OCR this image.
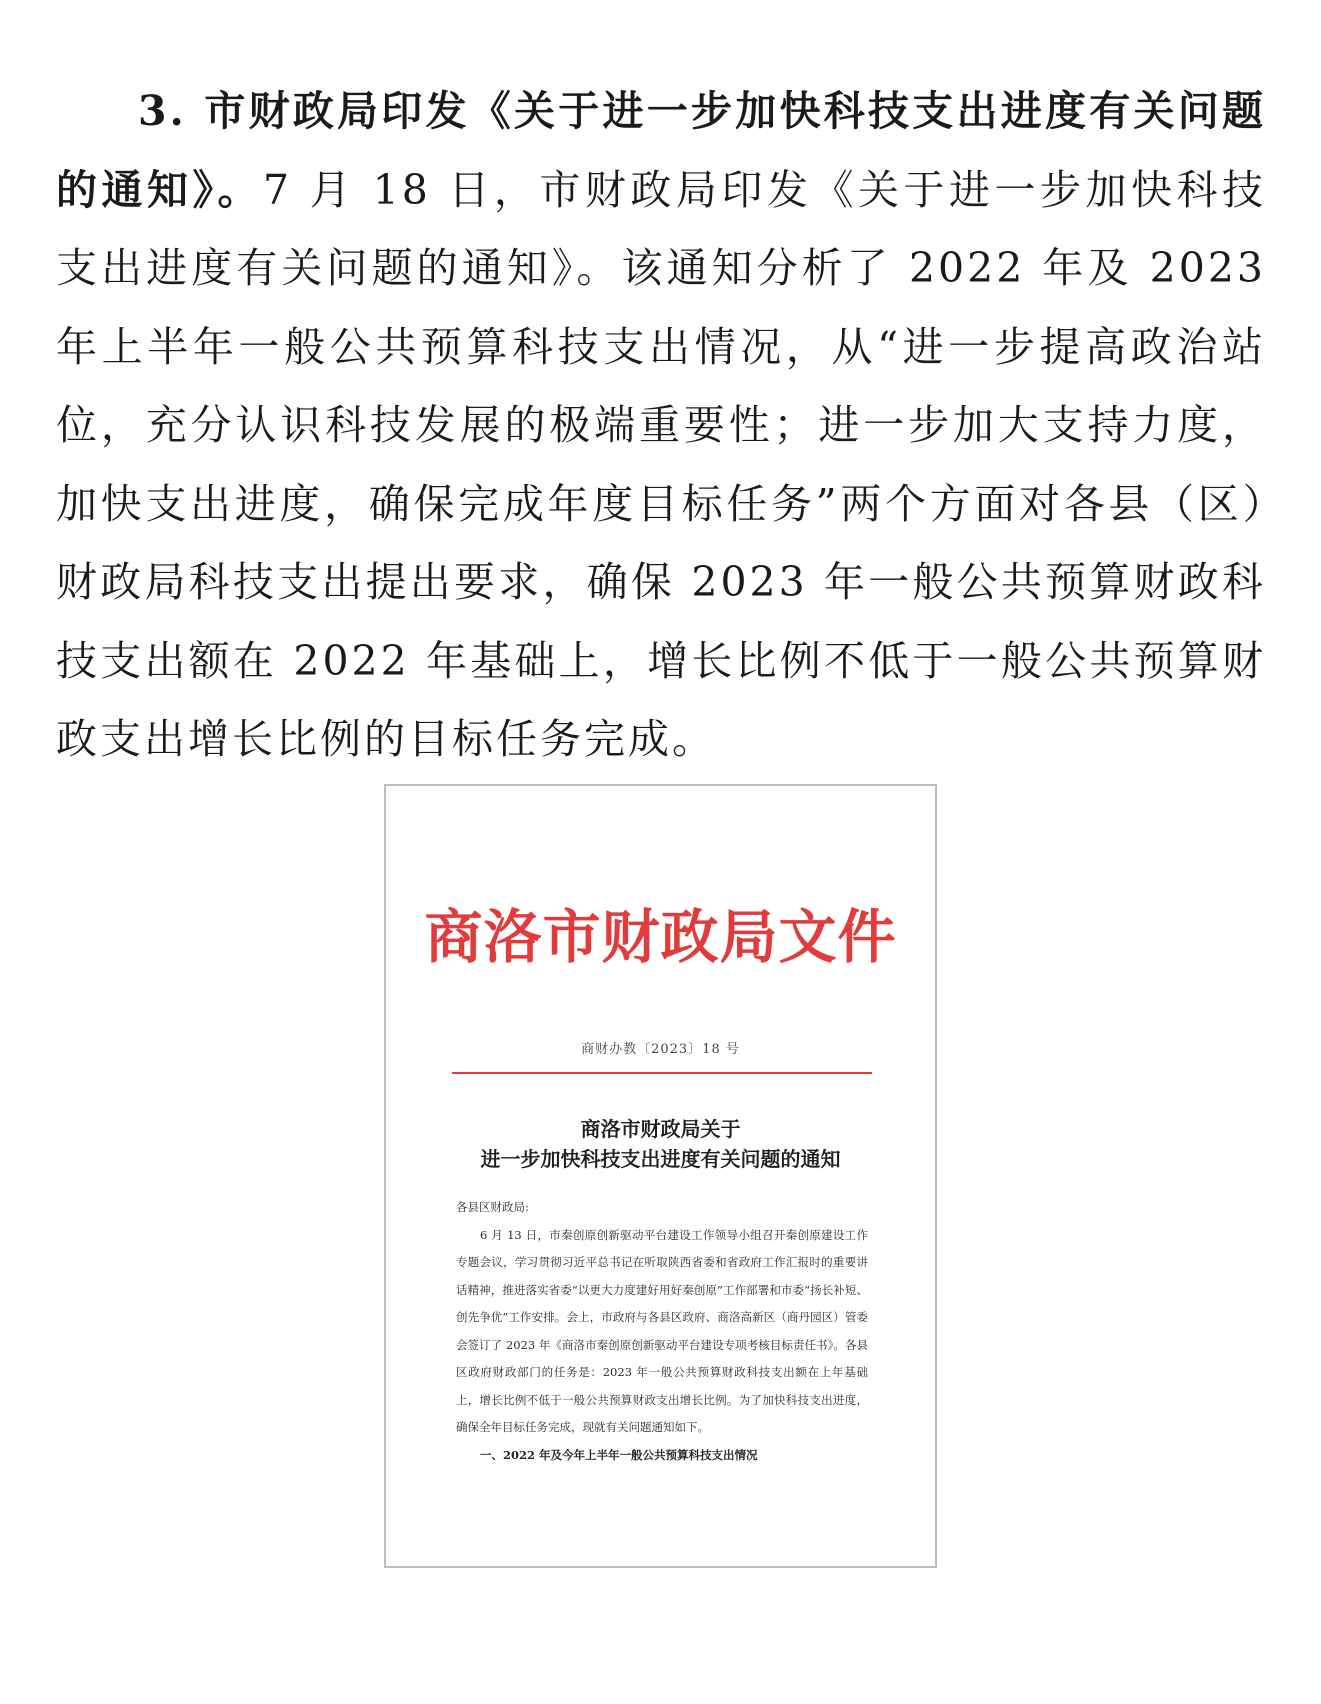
3. 市财政局印发《关于进一步加快科技支出进度有关问题的通知》。7 月 18 日，市财政局印发《关于进一步加快科技支出进度有关问题的通知》。该通知分析了 2022 年及 2023 年上半年一般公共预算科技支出情况，从“进一步提高政治站位，充分认识科技发展的极端重要性；进一步加大支持力度，加快支出进度，确保完成年度目标任务”两个方面对各县（区）财政局科技支出提出要求，确保 2023 年一般公共预算财政科技支出额在 2022 年基础上，增长比例不低于一般公共预算财政支出增长比例的目标任务完成。

商洛市财政局文件
商财办教〔2023〕18 号
商洛市财政局关于
进一步加快科技支出进度有关问题的通知

各县区财政局:

6 月 13 日，市秦创原创新驱动平台建设工作领导小组召开秦创原建设工作专题会议，学习贯彻习近平总书记在听取陕西省委和省政府工作汇报时的重要讲话精神，推进落实省委“以更大力度建好用好秦创原”工作部署和市委“扬长补短、创先争优”工作安排。会上，市政府与各县区政府、商洛高新区（商丹园区）管委会签订了 2023 年《商洛市秦创原创新驱动平台建设专项考核目标责任书》。各县区政府财政部门的任务是：2023 年一般公共预算财政科技支出额在上年基础上，增长比例不低于一般公共预算财政支出增长比例。为了加快科技支出进度，确保全年目标任务完成，现就有关问题通知如下。

一、2022 年及今年上半年一般公共预算科技支出情况
